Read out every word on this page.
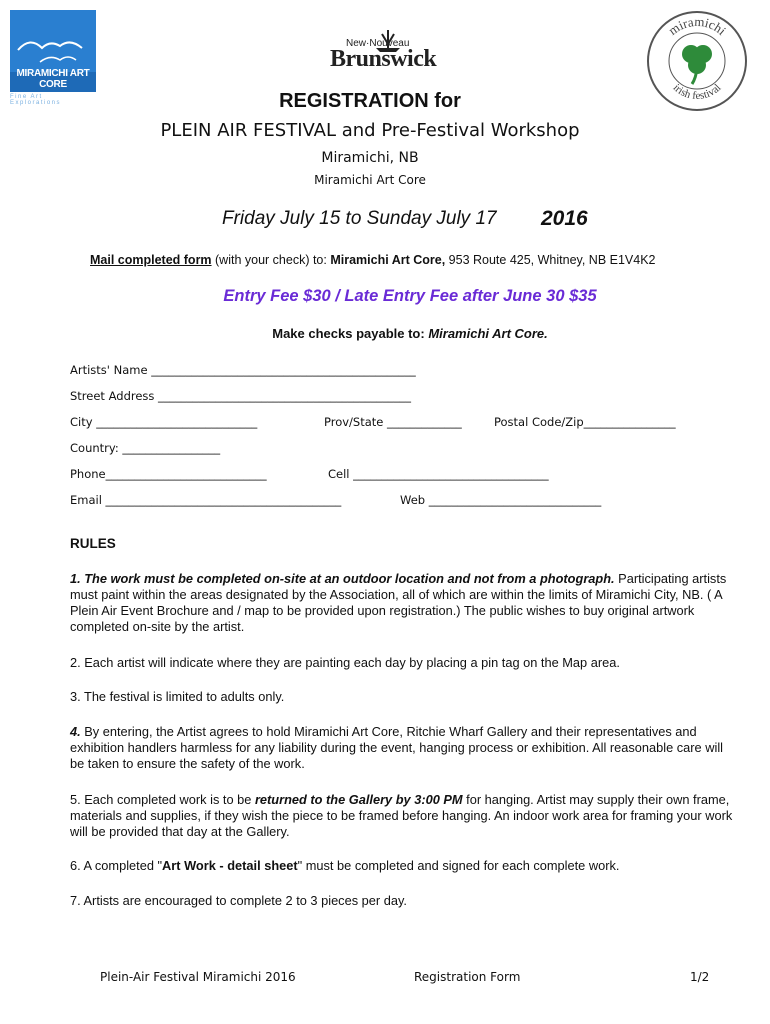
MIRAMICHI ART CORE
Fine Art Explorations
New·Nouveau
Brunswick
miramichi
irish festival
REGISTRATION for
PLEIN AIR FESTIVAL and Pre-Festival Workshop
Miramichi, NB
Miramichi Art Core
Friday July 15 to Sunday July 17 2016
Mail completed form (with your check) to: Miramichi Art Core, 953 Route 425, Whitney, NB E1V4K2
Entry Fee $30 / Late Entry Fee after June 30 $35
Make checks payable to: Miramichi Art Core.
Artists' Name ______________________________________________
Street Address ____________________________________________
City ____________________________	Prov/State _____________	Postal Code/Zip________________
Country: _________________
Phone____________________________	Cell __________________________________
Email _________________________________________	Web ______________________________
RULES
1. The work must be completed on-site at an outdoor location and not from a photograph. Participating artists must paint within the areas designated by the Association, all of which are within the limits of Miramichi City, NB. ( A Plein Air Event Brochure and / map to be provided upon registration.) The public wishes to buy original artwork completed on-site by the artist.
2. Each artist will indicate where they are painting each day by placing a pin tag on the Map area.
3. The festival is limited to adults only.
4. By entering, the Artist agrees to hold Miramichi Art Core, Ritchie Wharf Gallery and their representatives and exhibition handlers harmless for any liability during the event, hanging process or exhibition. All reasonable care will be taken to ensure the safety of the work.
5. Each completed work is to be returned to the Gallery by 3:00 PM for hanging. Artist may supply their own frame, materials and supplies, if they wish the piece to be framed before hanging. An indoor work area for framing your work will be provided that day at the Gallery.
6. A completed "Art Work - detail sheet" must be completed and signed for each complete work.
7. Artists are encouraged to complete 2 to 3 pieces per day.
Plein-Air Festival Miramichi 2016	Registration Form	1/2
